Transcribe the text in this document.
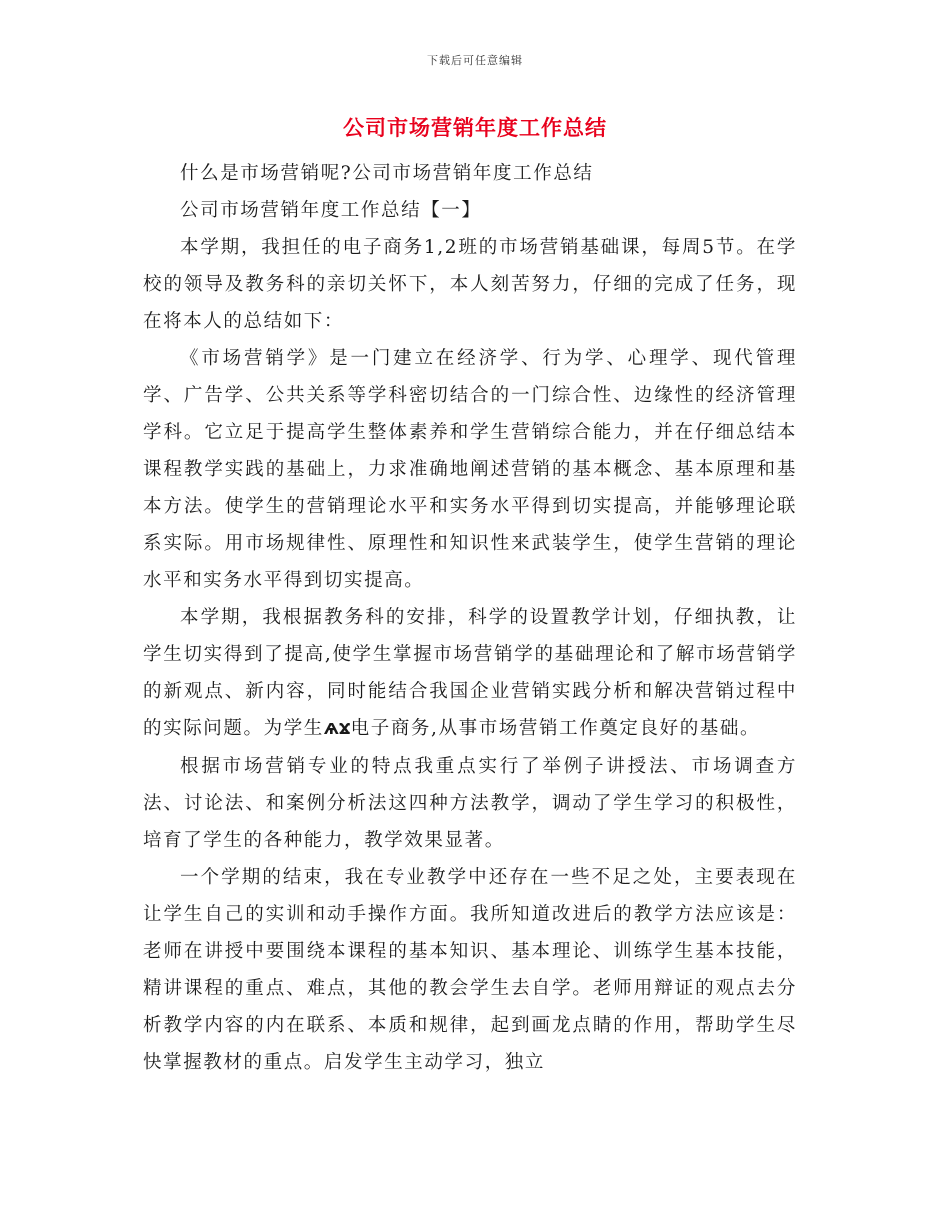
下载后可任意编辑
公司市场营销年度工作总结

什么是市场营销呢?公司市场营销年度工作总结

公司市场营销年度工作总结【一】

本学期，我担任的电子商务1,2班的市场营销基础课，每周5节。在学校的领导及教务科的亲切关怀下，本人刻苦努力，仔细的完成了任务，现在将本人的总结如下：

《市场营销学》是一门建立在经济学、行为学、心理学、现代管理学、广告学、公共关系等学科密切结合的一门综合性、边缘性的经济管理学科。它立足于提高学生整体素养和学生营销综合能力，并在仔细总结本课程教学实践的基础上，力求准确地阐述营销的基本概念、基本原理和基本方法。使学生的营销理论水平和实务水平得到切实提高，并能够理论联系实际。用市场规律性、原理性和知识性来武装学生，使学生营销的理论水平和实务水平得到切实提高。

本学期，我根据教务科的安排，科学的设置教学计划，仔细执教，让学生切实得到了提高,使学生掌握市场营销学的基础理论和了解市场营销学的新观点、新内容，同时能结合我国企业营销实践分析和解决营销过程中的实际问题。为学生ѦϪ电子商务,从事市场营销工作奠定良好的基础。

根据市场营销专业的特点我重点实行了举例子讲授法、市场调查方法、讨论法、和案例分析法这四种方法教学，调动了学生学习的积极性，培育了学生的各种能力，教学效果显著。

一个学期的结束，我在专业教学中还存在一些不足之处，主要表现在让学生自己的实训和动手操作方面。我所知道改进后的教学方法应该是：老师在讲授中要围绕本课程的基本知识、基本理论、训练学生基本技能，精讲课程的重点、难点，其他的教会学生去自学。老师用辩证的观点去分析教学内容的内在联系、本质和规律，起到画龙点睛的作用，帮助学生尽快掌握教材的重点。启发学生主动学习，独立
